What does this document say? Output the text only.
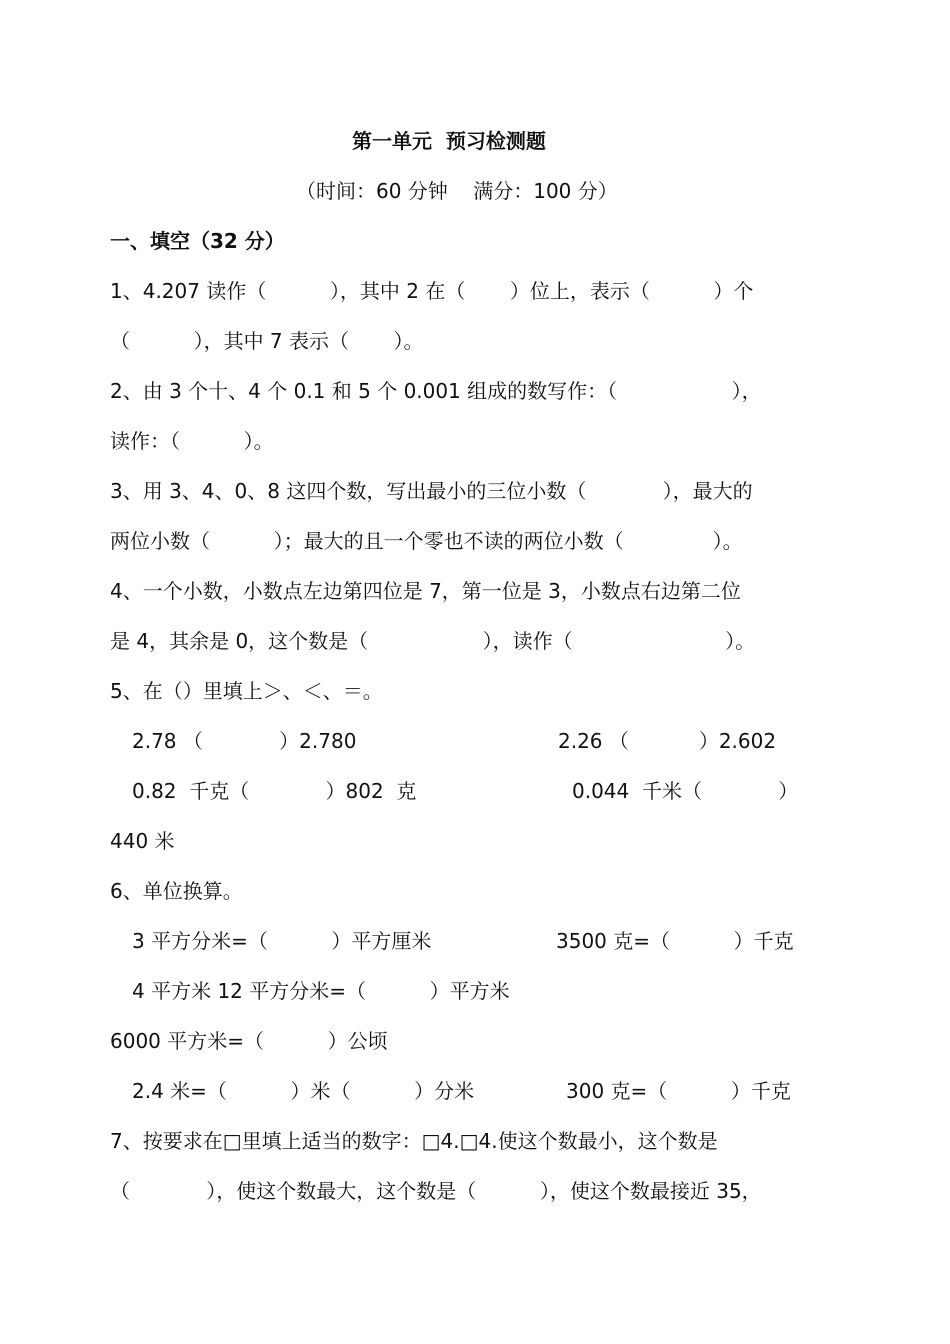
第一单元  预习检测题
（时间：60 分钟    满分：100 分）
一、填空（32 分）
1、4.207 读作（          ），其中 2 在（       ）位上，表示（          ）个
（          ），其中 7 表示（       ）。
2、由 3 个十、4 个 0.1 和 5 个 0.001 组成的数写作：（                  ），
读作：（          ）。
3、用 3、4、0、8 这四个数，写出最小的三位小数（            ），最大的
两位小数（          ）；最大的且一个零也不读的两位小数（              ）。
4、一个小数，小数点左边第四位是 7，第一位是 3，小数点右边第二位
是 4，其余是 0，这个数是（                  ），读作（                        ）。
5、在（）里填上＞、＜、＝。
2.78 （            ）2.780	2.26 （           ）2.602
0.82  千克（            ）802  克	0.044  千米（            ）
440 米
6、单位换算。
3 平方分米=（          ）平方厘米	3500 克=（          ）千克
4 平方米 12 平方分米=（          ）平方米
6000 平方米=（          ）公顷
2.4 米=（          ）米（          ）分米	300 克=（          ）千克
7、按要求在□里填上适当的数字：□4.□4.使这个数最小，这个数是
（            ），使这个数最大，这个数是（          ），使这个数最接近 35，
